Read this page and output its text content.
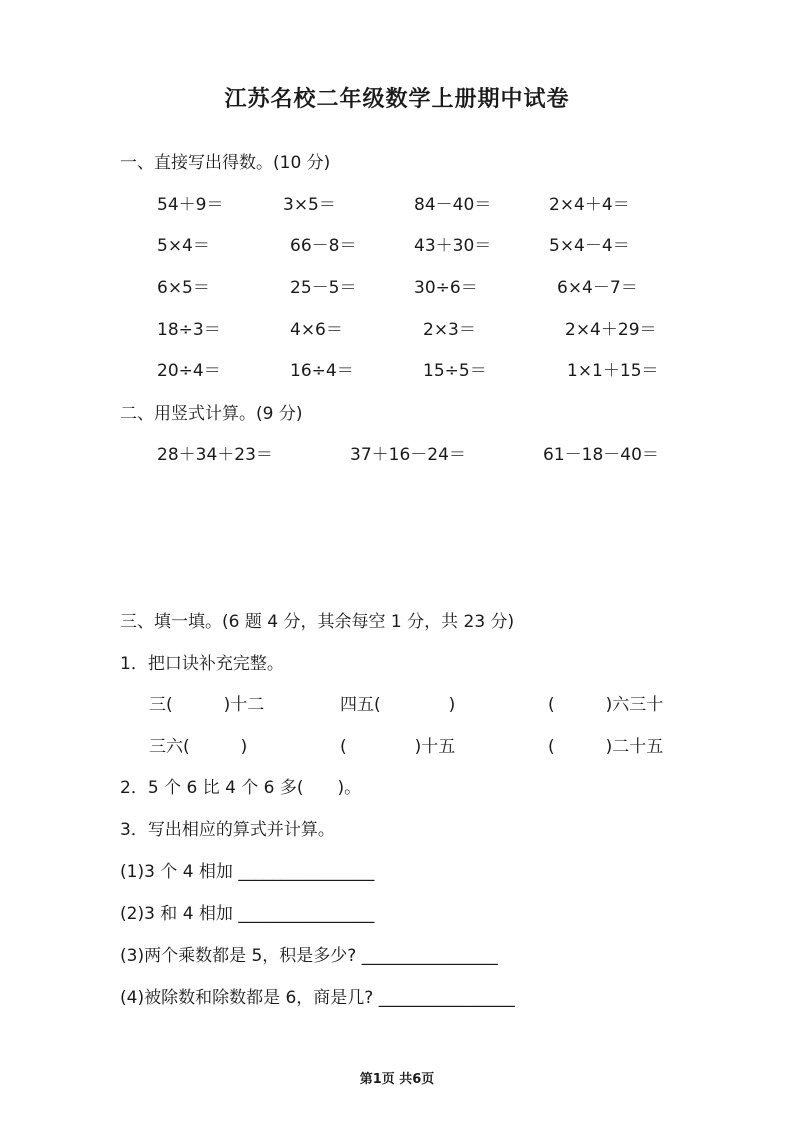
江苏名校二年级数学上册期中试卷
一、直接写出得数。(10 分)
54＋9＝	3×5＝	84－40＝	2×4＋4＝
5×4＝	66－8＝	43＋30＝	5×4－4＝
6×5＝	25－5＝	30÷6＝	6×4－7＝
18÷3＝	4×6＝	2×3＝	2×4＋29＝
20÷4＝	16÷4＝	15÷5＝	1×1＋15＝
二、用竖式计算。(9 分)
28＋34＋23＝	37＋16－24＝	61－18－40＝
三、填一填。(6 题 4 分，其余每空 1 分，共 23 分)
1．把口诀补充完整。
三(　　　)十二	四五(　　　　)	(　　　)六三十
三六(　　　)	(　　　　)十五	(　　　)二十五
2．5 个 6 比 4 个 6 多(　　)。
3．写出相应的算式并计算。
(1)3 个 4 相加 ________________
(2)3 和 4 相加 ________________
(3)两个乘数都是 5，积是多少? ________________
(4)被除数和除数都是 6，商是几? ________________
第1页 共6页
